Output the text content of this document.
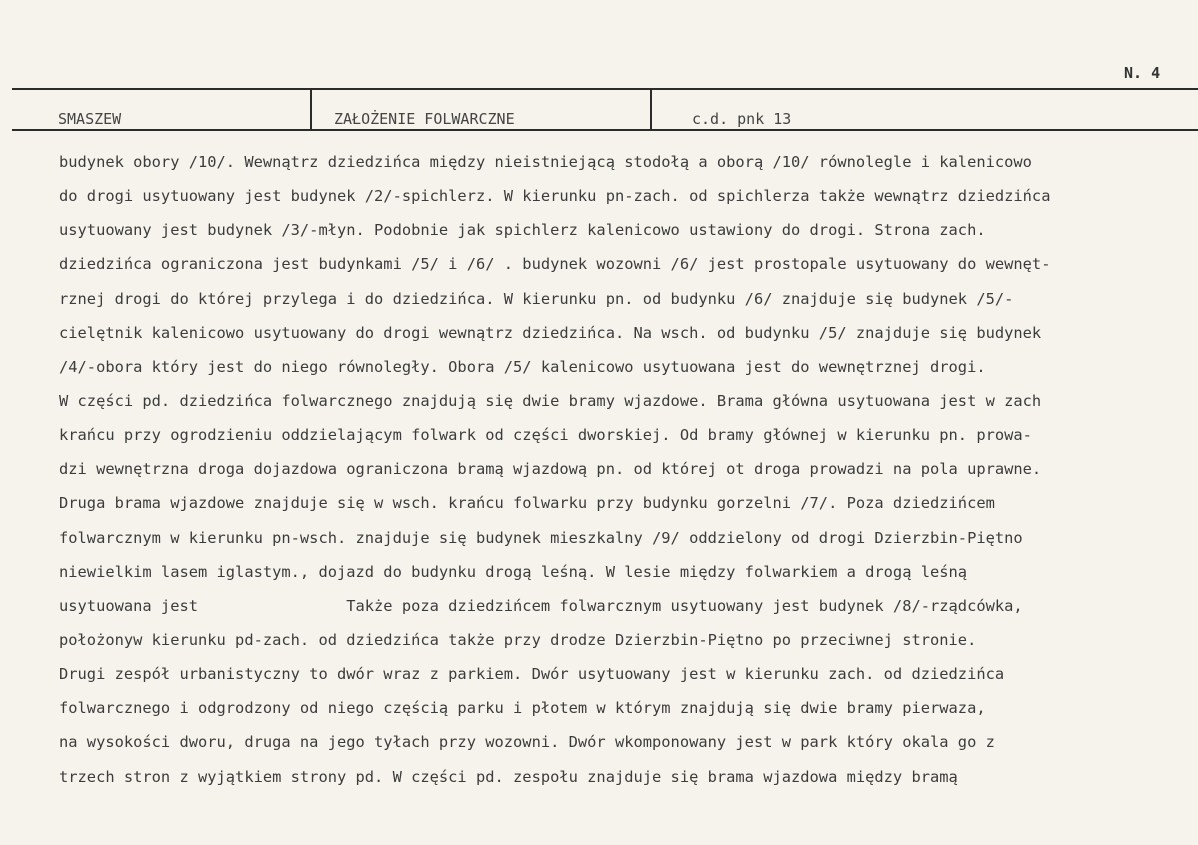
N. 4
SMASZEW	ZAŁOŻENIE FOLWARCZNE	c.d. pnk 13
budynek obory /10/. Wewnątrz dziedzińca między nieistniejącą stodołą a oborą /10/ równolegle i kalenicowo
do drogi usytuowany jest budynek /2/-spichlerz. W kierunku pn-zach. od spichlerza także wewnątrz dziedzińca
usytuowany jest budynek /3/-młyn. Podobnie jak spichlerz kalenicowo ustawiony do drogi. Strona zach.
dziedzińca ograniczona jest budynkami /5/ i /6/ . budynek wozowni /6/ jest prostopale usytuowany do wewnęt-
rznej drogi do której przylega i do dziedzińca. W kierunku pn. od budynku /6/ znajduje się budynek /5/-
cielętnik kalenicowo usytuowany do drogi wewnątrz dziedzińca. Na wsch. od budynku /5/ znajduje się budynek
/4/-obora który jest do niego równoległy. Obora /5/ kalenicowo usytuowana jest do wewnętrznej drogi.
W części pd. dziedzińca folwarcznego znajdują się dwie bramy wjazdowe. Brama główna usytuowana jest w zach
krańcu przy ogrodzieniu oddzielającym folwark od części dworskiej. Od bramy głównej w kierunku pn. prowa-
dzi wewnętrzna droga dojazdowa ograniczona bramą wjazdową pn. od której ot droga prowadzi na pola uprawne.
Druga brama wjazdowe znajduje się w wsch. krańcu folwarku przy budynku gorzelni /7/. Poza dziedzińcem
folwarcznym w kierunku pn-wsch. znajduje się budynek mieszkalny /9/ oddzielony od drogi Dzierzbin-Piętno
niewielkim lasem iglastym., dojazd do budynku drogą leśną. W lesie między folwarkiem a drogą leśną
usytuowana jest                Także poza dziedzińcem folwarcznym usytuowany jest budynek /8/-rządcówka,
położonyw kierunku pd-zach. od dziedzińca także przy drodze Dzierzbin-Piętno po przeciwnej stronie.
Drugi zespół urbanistyczny to dwór wraz z parkiem. Dwór usytuowany jest w kierunku zach. od dziedzińca
folwarcznego i odgrodzony od niego częścią parku i płotem w którym znajdują się dwie bramy pierwaza,
na wysokości dworu, druga na jego tyłach przy wozowni. Dwór wkomponowany jest w park który okala go z
trzech stron z wyjątkiem strony pd. W części pd. zespołu znajduje się brama wjazdowa między bramą
